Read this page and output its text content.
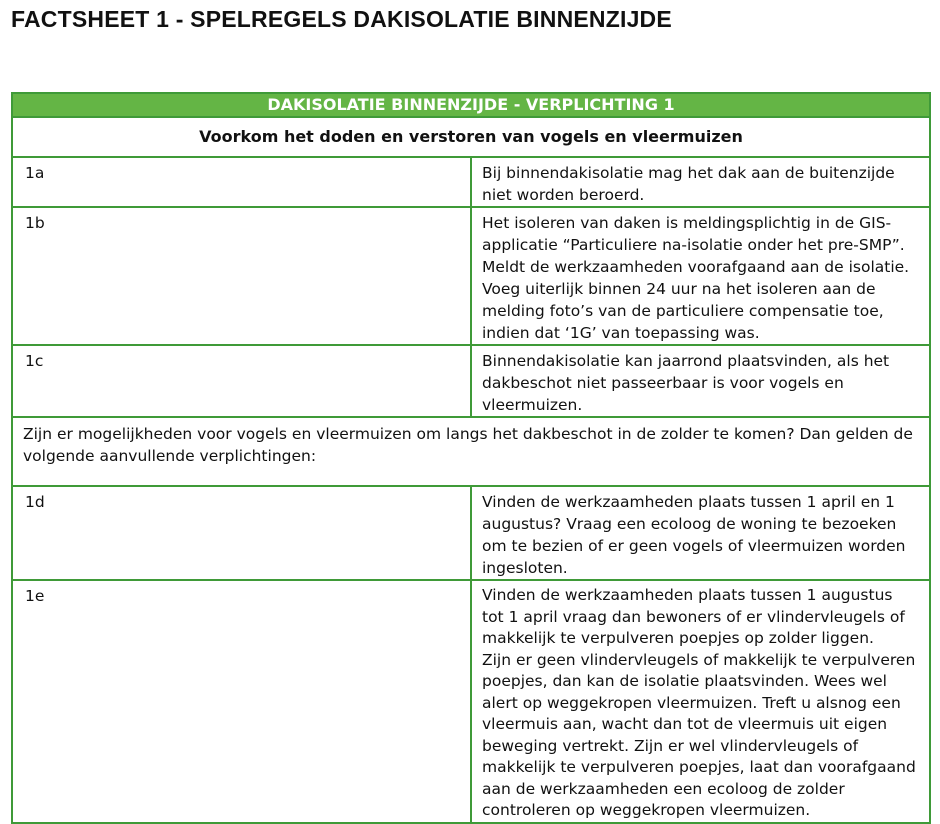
FACTSHEET 1 - SPELREGELS DAKISOLATIE BINNENZIJDE
DAKISOLATIE BINNENZIJDE - VERPLICHTING 1	
Voorkom het doden en verstoren van vogels en vleermuizen	
1a	Bij binnendakisolatie mag het dak aan de buitenzijde niet worden beroerd.
1b	Het isoleren van daken is meldingsplichtig in de GIS-applicatie “Particuliere na-isolatie onder het pre-SMP”. Meldt de werkzaamheden voorafgaand aan de isolatie. Voeg uiterlijk binnen 24 uur na het isoleren aan de melding foto’s van de particuliere compensatie toe, indien dat ‘1G’ van toepassing was.
1c	Binnendakisolatie kan jaarrond plaatsvinden, als het dakbeschot niet passeerbaar is voor vogels en vleermuizen.
Zijn er mogelijkheden voor vogels en vleermuizen om langs het dakbeschot in de zolder te komen? Dan gelden de volgende aanvullende verplichtingen:	
1d	Vinden de werkzaamheden plaats tussen 1 april en 1 augustus? Vraag een ecoloog de woning te bezoeken om te bezien of er geen vogels of vleermuizen worden ingesloten.
1e	Vinden de werkzaamheden plaats tussen 1 augustus tot 1 april vraag dan bewoners of er vlindervleugels of makkelijk te verpulveren poepjes op zolder liggen.
Zijn er geen vlindervleugels of makkelijk te verpulveren poepjes, dan kan de isolatie plaatsvinden. Wees wel alert op weggekropen vleermuizen. Treft u alsnog een vleermuis aan, wacht dan tot de vleermuis uit eigen beweging vertrekt. Zijn er wel vlindervleugels of makkelijk te verpulveren poepjes, laat dan voorafgaand aan de werkzaamheden een ecoloog de zolder controleren op weggekropen vleermuizen.
